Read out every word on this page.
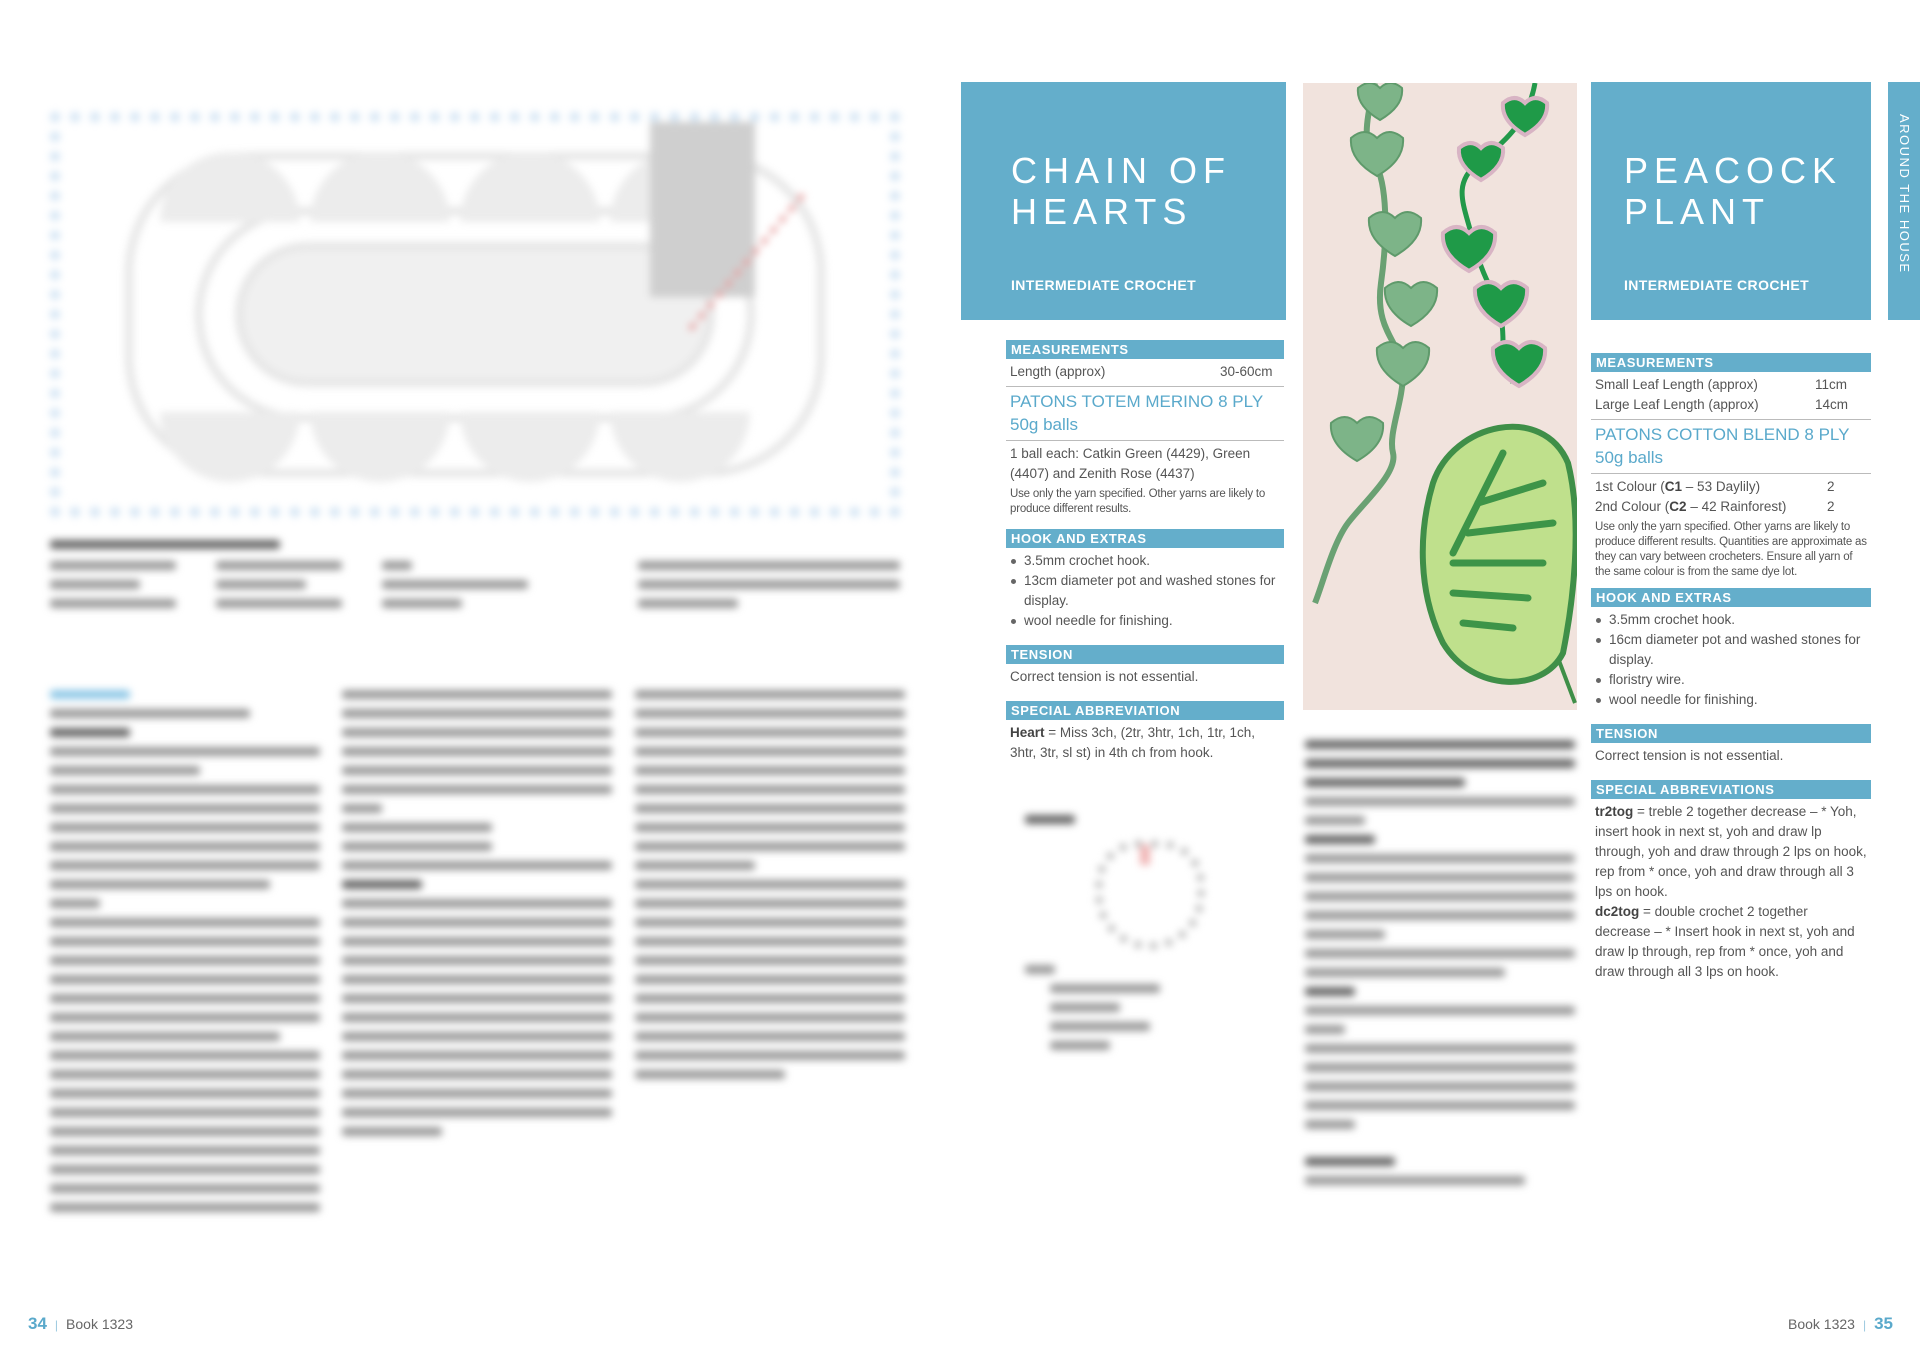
34 | Book 1323
CHAIN OF
HEARTS
INTERMEDIATE CROCHET
MEASUREMENTS
Length (approx)	30-60cm
PATONS TOTEM MERINO 8 PLY
50g balls
1 ball each: Catkin Green (4429), Green (4407) and Zenith Rose (4437)
Use only the yarn specified. Other yarns are likely to produce different results.
HOOK AND EXTRAS
3.5mm crochet hook.
13cm diameter pot and washed stones for display.
wool needle for finishing.
TENSION
Correct tension is not essential.
SPECIAL ABBREVIATION
Heart = Miss 3ch, (2tr, 3htr, 1ch, 1tr, 1ch, 3htr, 3tr, sl st) in 4th ch from hook.
PEACOCK
PLANT
INTERMEDIATE CROCHET
AROUND THE HOUSE
MEASUREMENTS
Small Leaf Length (approx)	11cm
Large Leaf Length (approx)	14cm
PATONS COTTON BLEND 8 PLY
50g balls
1st Colour (C1 – 53 Daylily)	2
2nd Colour (C2 – 42 Rainforest)	2
Use only the yarn specified. Other yarns are likely to produce different results. Quantities are approximate as they can vary between crocheters. Ensure all yarn of the same colour is from the same dye lot.
HOOK AND EXTRAS
3.5mm crochet hook.
16cm diameter pot and washed stones for display.
floristry wire.
wool needle for finishing.
TENSION
Correct tension is not essential.
SPECIAL ABBREVIATIONS
tr2tog = treble 2 together decrease – * Yoh, insert hook in next st, yoh and draw lp through, yoh and draw through 2 lps on hook, rep from * once, yoh and draw through all 3 lps on hook.
dc2tog = double crochet 2 together decrease – * Insert hook in next st, yoh and draw lp through, rep from * once, yoh and draw through all 3 lps on hook.
Book 1323 | 35
